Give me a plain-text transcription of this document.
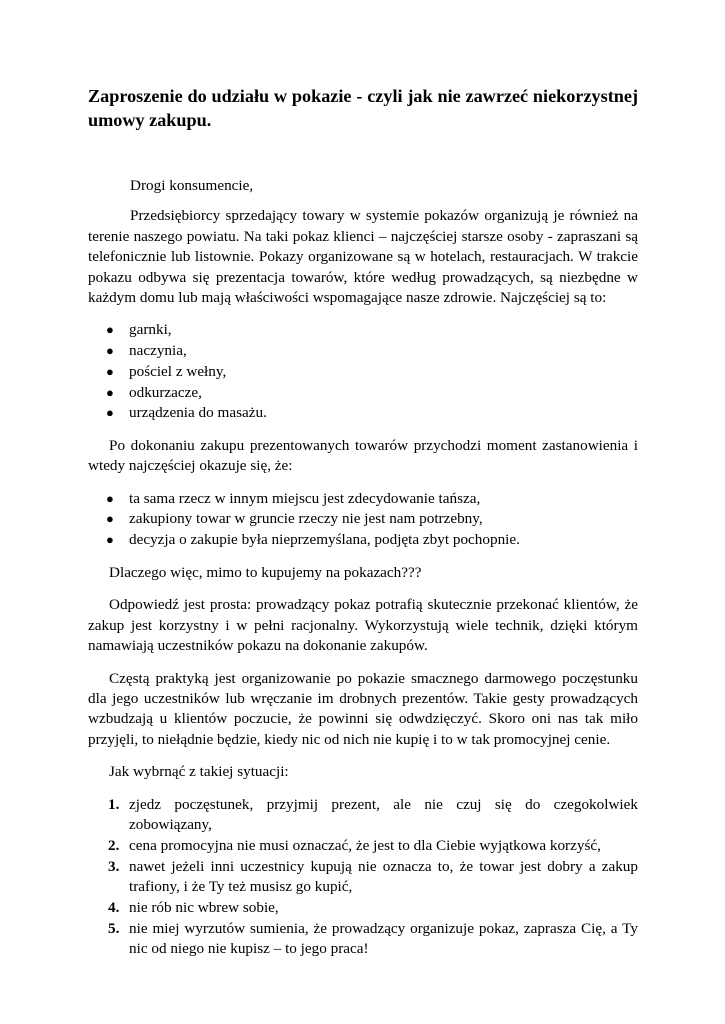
Zaproszenie do udziału w pokazie - czyli jak nie zawrzeć niekorzystnej umowy zakupu.

Drogi konsumencie,

Przedsiębiorcy sprzedający towary w systemie pokazów organizują je również na terenie naszego powiatu. Na taki pokaz klienci – najczęściej starsze osoby - zapraszani są telefonicznie lub listownie. Pokazy organizowane są w hotelach, restauracjach. W trakcie pokazu odbywa się prezentacja towarów, które według prowadzących, są niezbędne w każdym domu lub mają właściwości wspomagające nasze zdrowie. Najczęściej są to:

● garnki,
● naczynia,
● pościel z wełny,
● odkurzacze,
● urządzenia do masażu.

Po dokonaniu zakupu prezentowanych towarów przychodzi moment zastanowienia i wtedy najczęściej okazuje się, że:

● ta sama rzecz w innym miejscu jest zdecydowanie tańsza,
● zakupiony towar w gruncie rzeczy nie jest nam potrzebny,
● decyzja o zakupie była nieprzemyślana, podjęta zbyt pochopnie.

Dlaczego więc, mimo to kupujemy na pokazach???

Odpowiedź jest prosta: prowadzący pokaz potrafią skutecznie przekonać klientów, że zakup jest korzystny i w pełni racjonalny. Wykorzystują wiele technik, dzięki którym namawiają uczestników pokazu na dokonanie zakupów.

Częstą praktyką jest organizowanie po pokazie smacznego darmowego poczęstunku dla jego uczestników lub wręczanie im drobnych prezentów. Takie gesty prowadzących wzbudzają u klientów poczucie, że powinni się odwdzięczyć. Skoro oni nas tak miło przyjęli, to niełądnie będzie, kiedy nic od nich nie kupię i to w tak promocyjnej cenie.

Jak wybrnąć z takiej sytuacji:

1. zjedz poczęstunek, przyjmij prezent, ale nie czuj się do czegokolwiek zobowiązany,
2. cena promocyjna nie musi oznaczać, że jest to dla Ciebie wyjątkowa korzyść,
3. nawet jeżeli inni uczestnicy kupują nie oznacza to, że towar jest dobry a zakup trafiony, i że Ty też musisz go kupić,
4. nie rób nic wbrew sobie,
5. nie miej wyrzutów sumienia, że prowadzący organizuje pokaz, zaprasza Cię, a Ty nic od niego nie kupisz – to jego praca!
